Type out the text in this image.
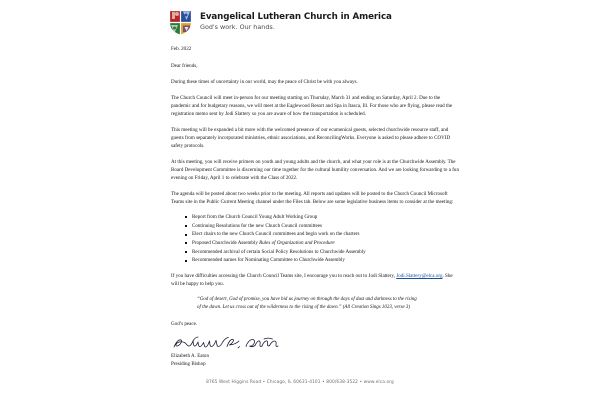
Evangelical Lutheran Church in America
God's work. Our hands.

Feb. 2022

Dear friends,

During these times of uncertainty in our world, may the peace of Christ be with you always.

The Church Council will meet in-person for our meeting starting on Thursday, March 31 and ending on Saturday, April 2. Due to the pandemic and for budgetary reasons, we will meet at the Eaglewood Resort and Spa in Itasca, Ill. For those who are flying, please read the registration memo sent by Jodi Slattery so you are aware of how the transportation is scheduled.

This meeting will be expanded a bit more with the welcomed presence of our ecumenical guests, selected churchwide resource staff, and guests from separately incorporated ministries, ethnic associations, and ReconcilingWorks. Everyone is asked to please adhere to COVID safety protocols.

At this meeting, you will receive primers on youth and young adults and the church, and what your role is at the Churchwide Assembly. The Board Development Committee is discerning our time together for the cultural humility conversation. And we are looking forwarding to a fun evening on Friday, April 1 to celebrate with the Class of 2022.

The agenda will be posted about two weeks prior to the meeting. All reports and updates will be posted to the Church Council Microsoft Teams site in the Public Current Meeting channel under the Files tab. Below are some legislative business items to consider at the meeting:

Report from the Church Council Young Adult Working Group
Continuing Resolutions for the new Church Council committees
Elect chairs to the new Church Council committees and begin work on the charters
Proposed Churchwide Assembly Rules of Organization and Procedure
Recommended archival of certain Social Policy Resolutions to Churchwide Assembly
Recommended names for Nominating Committee to Churchwide Assembly

If you have difficulties accessing the Church Council Teams site, I encourage you to reach out to Jodi Slattery, Jodi.Slattery@elca.org. She will be happy to help you.

“God of desert, God of promise, you have bid us journey on through the days of dust and darkness to the rising of the dawn. Let us cross out of the wilderness to the rising of the dawn.” (All Creation Sings 1023, verse 3)

God’s peace.

Elizabeth A. Eaton
Presiding Bishop
8765 West Higgins Road • Chicago, IL 60631-4101 • 800/638-3522 • www.elca.org
